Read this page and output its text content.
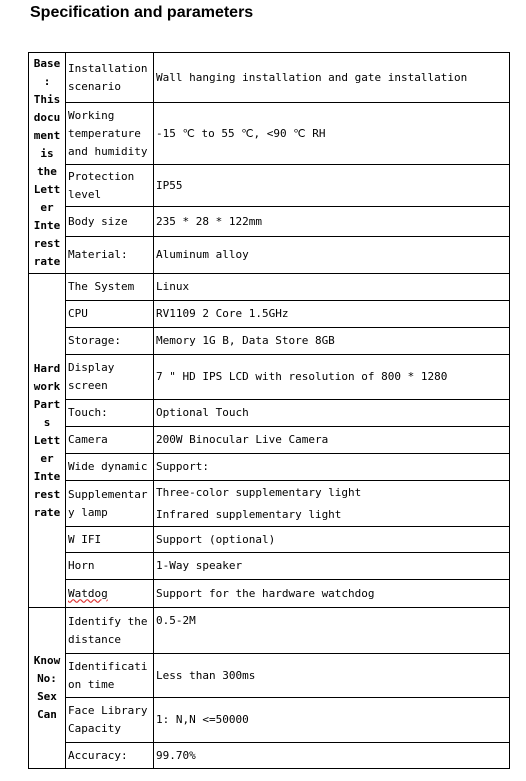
Specification and parameters
Base: This document is the Letter Interest rate	Installation scenario	Wall hanging installation and gate installation

	Working temperature and humidity	-15 ℃ to 55 ℃, <90 ℃ RH

	Protection level	IP55

	Body size	235 * 28 * 122mm

	Material:	Aluminum alloy

Hard work Parts Letter Interest rate	The System	Linux

	CPU	RV1109 2 Core 1.5GHz

	Storage:	Memory 1G B, Data Store 8GB

	Display screen	7 " HD IPS LCD with resolution of 800 * 1280

	Touch:	Optional Touch

	Camera	200W Binocular Live Camera

	Wide dynamic	Support:

	Supplementary lamp	Three-color supplementary light
Infrared supplementary light

	W IFI	Support (optional)

	Horn	1-Way speaker

	Watdog	Support for the hardware watchdog

Know No: Sex Can	Identify the distance	0.5-2M

	Identification time	Less than 300ms

	Face Library Capacity	1: N,N <=50000

	Accuracy:	99.70%
